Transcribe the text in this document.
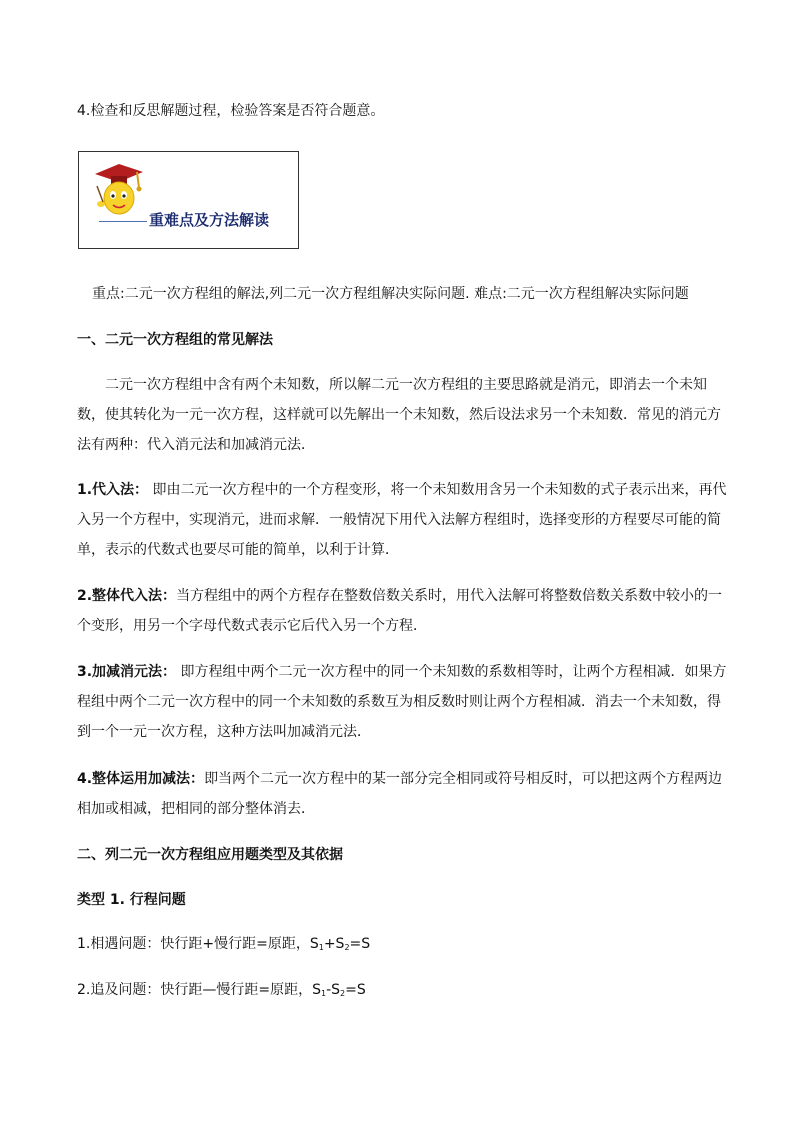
4.检查和反思解题过程，检验答案是否符合题意。

重难点及方法解读

重点:二元一次方程组的解法,列二元一次方程组解决实际问题. 难点:二元一次方程组解决实际问题

一、二元一次方程组的常见解法

二元一次方程组中含有两个未知数，所以解二元一次方程组的主要思路就是消元，即消去一个未知数，使其转化为一元一次方程，这样就可以先解出一个未知数，然后设法求另一个未知数．常见的消元方法有两种：代入消元法和加减消元法．

1.代入法： 即由二元一次方程中的一个方程变形，将一个未知数用含另一个未知数的式子表示出来，再代入另一个方程中，实现消元，进而求解．一般情况下用代入法解方程组时，选择变形的方程要尽可能的简单，表示的代数式也要尽可能的简单，以利于计算．

2.整体代入法：当方程组中的两个方程存在整数倍数关系时，用代入法解可将整数倍数关系数中较小的一个变形，用另一个字母代数式表示它后代入另一个方程．

3.加减消元法： 即方程组中两个二元一次方程中的同一个未知数的系数相等时，让两个方程相减．如果方程组中两个二元一次方程中的同一个未知数的系数互为相反数时则让两个方程相减．消去一个未知数，得到一个一元一次方程，这种方法叫加减消元法．

4.整体运用加减法：即当两个二元一次方程中的某一部分完全相同或符号相反时，可以把这两个方程两边相加或相减，把相同的部分整体消去．

二、列二元一次方程组应用题类型及其依据

类型 1. 行程问题

1.相遇问题：快行距+慢行距=原距，$S_1+S_2=S$

2.追及问题：快行距—慢行距=原距，$S_1-S_2=S$
